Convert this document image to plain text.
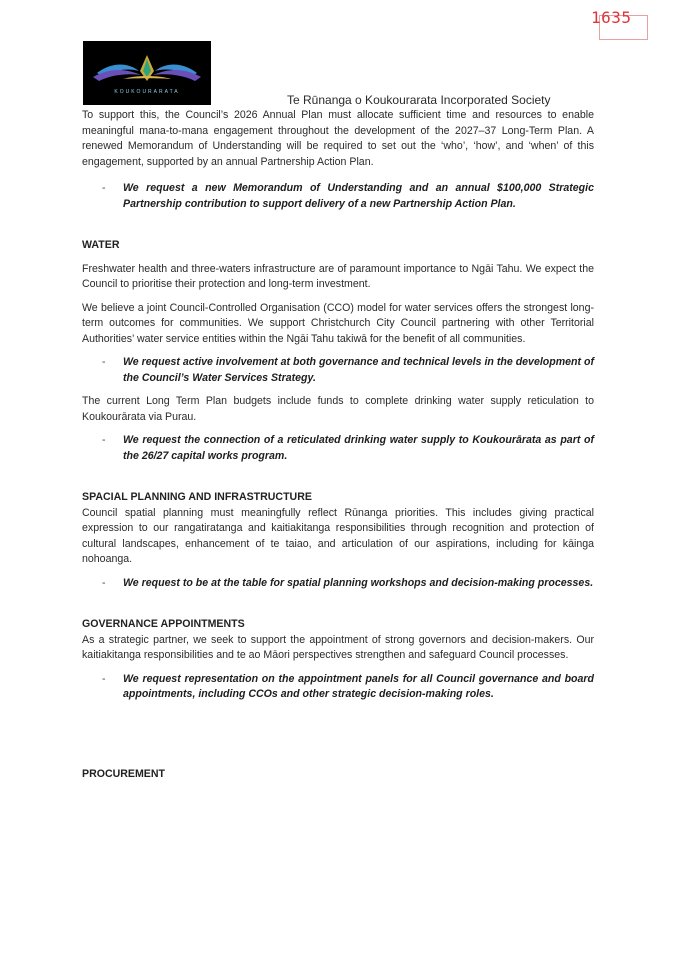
1635
KOUKOURARATA
Te Rūnanga o Koukourarata Incorporated Society

To support this, the Council’s 2026 Annual Plan must allocate sufficient time and resources to enable meaningful mana-to-mana engagement throughout the development of the 2027–37 Long-Term Plan. A renewed Memorandum of Understanding will be required to set out the ‘who’, ‘how’, and ‘when’ of this engagement, supported by an annual Partnership Action Plan.

- We request a new Memorandum of Understanding and an annual $100,000 Strategic Partnership contribution to support delivery of a new Partnership Action Plan.
WATER

Freshwater health and three-waters infrastructure are of paramount importance to Ngāi Tahu. We expect the Council to prioritise their protection and long-term investment.

We believe a joint Council-Controlled Organisation (CCO) model for water services offers the strongest long-term outcomes for communities. We support Christchurch City Council partnering with other Territorial Authorities’ water service entities within the Ngāi Tahu takiwā for the benefit of all communities.

- We request active involvement at both governance and technical levels in the development of the Council’s Water Services Strategy.

The current Long Term Plan budgets include funds to complete drinking water supply reticulation to Koukourārata via Purau.

- We request the connection of a reticulated drinking water supply to Koukourārata as part of the 26/27 capital works program.
SPACIAL PLANNING AND INFRASTRUCTURE

Council spatial planning must meaningfully reflect Rūnanga priorities. This includes giving practical expression to our rangatiratanga and kaitiakitanga responsibilities through recognition and protection of cultural landscapes, enhancement of te taiao, and articulation of our aspirations, including for kāinga nohoanga.

- We request to be at the table for spatial planning workshops and decision-making processes.
GOVERNANCE APPOINTMENTS

As a strategic partner, we seek to support the appointment of strong governors and decision-makers. Our kaitiakitanga responsibilities and te ao Māori perspectives strengthen and safeguard Council processes.

- We request representation on the appointment panels for all Council governance and board appointments, including CCOs and other strategic decision-making roles.
PROCUREMENT
